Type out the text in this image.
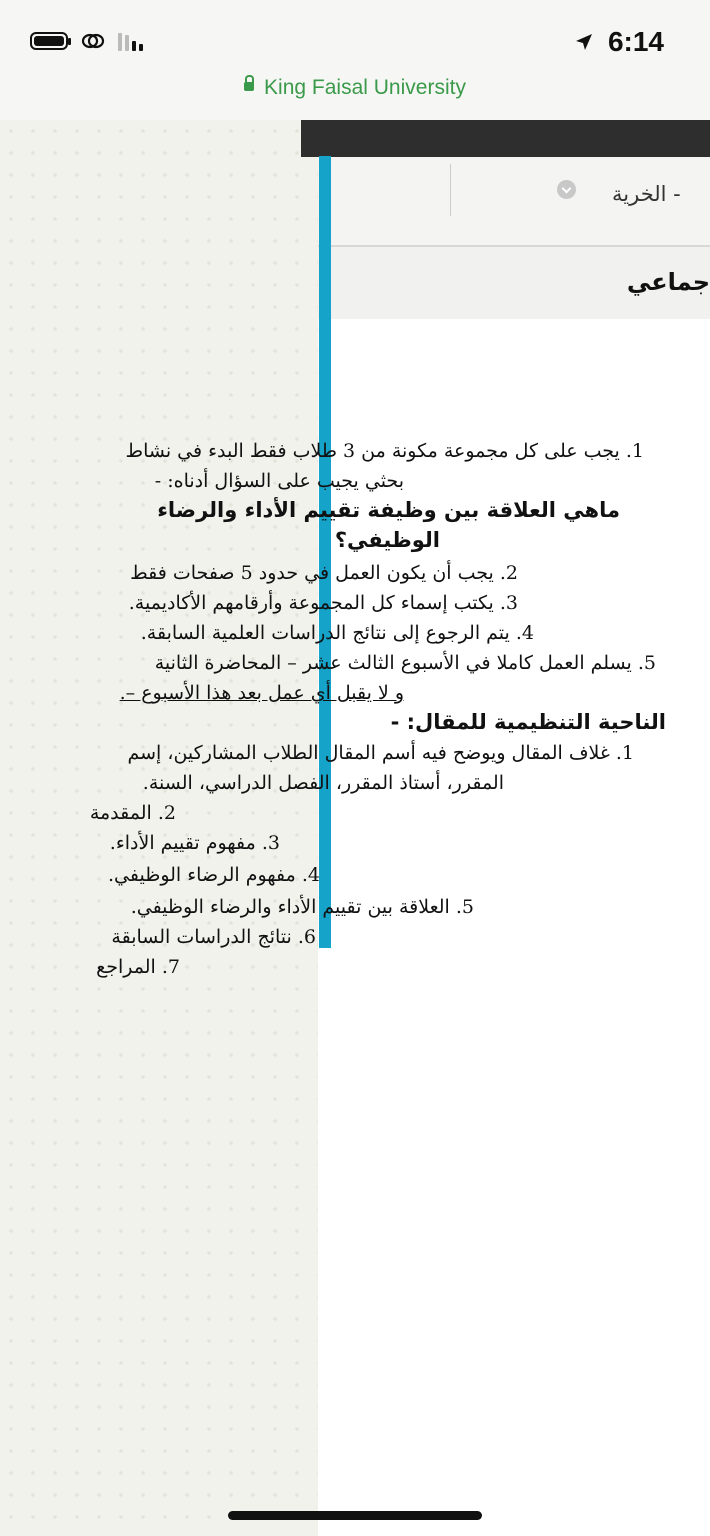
6:14
King Faisal University
- الخرية
جماعي
1. يجب على كل مجموعة مكونة من 3 طلاب فقط البدء في نشاط
بحثي يجيب على السؤال أدناه: -
ماهي العلاقة بين وظيفة تقييم الأداء والرضاء
الوظيفي؟
2. يجب أن يكون العمل في حدود 5 صفحات فقط
3. يكتب إسماء كل المجموعة وأرقامهم الأكاديمية.
4. يتم الرجوع إلى نتائج الدراسات العلمية السابقة.
5. يسلم العمل كاملا في الأسبوع الثالث عشر – المحاضرة الثانية
و لا يقبل أي عمل بعد هذا الأسبوع –.
الناحية التنظيمية للمقال: -
1. غلاف المقال ويوضح فيه أسم المقال الطلاب المشاركين، إسم
المقرر، أستاذ المقرر، الفصل الدراسي، السنة.
2. المقدمة
3. مفهوم تقييم الأداء.
4. مفهوم الرضاء الوظيفي.
5. العلاقة بين تقييم الأداء والرضاء الوظيفي.
6. نتائج الدراسات السابقة
7. المراجع
